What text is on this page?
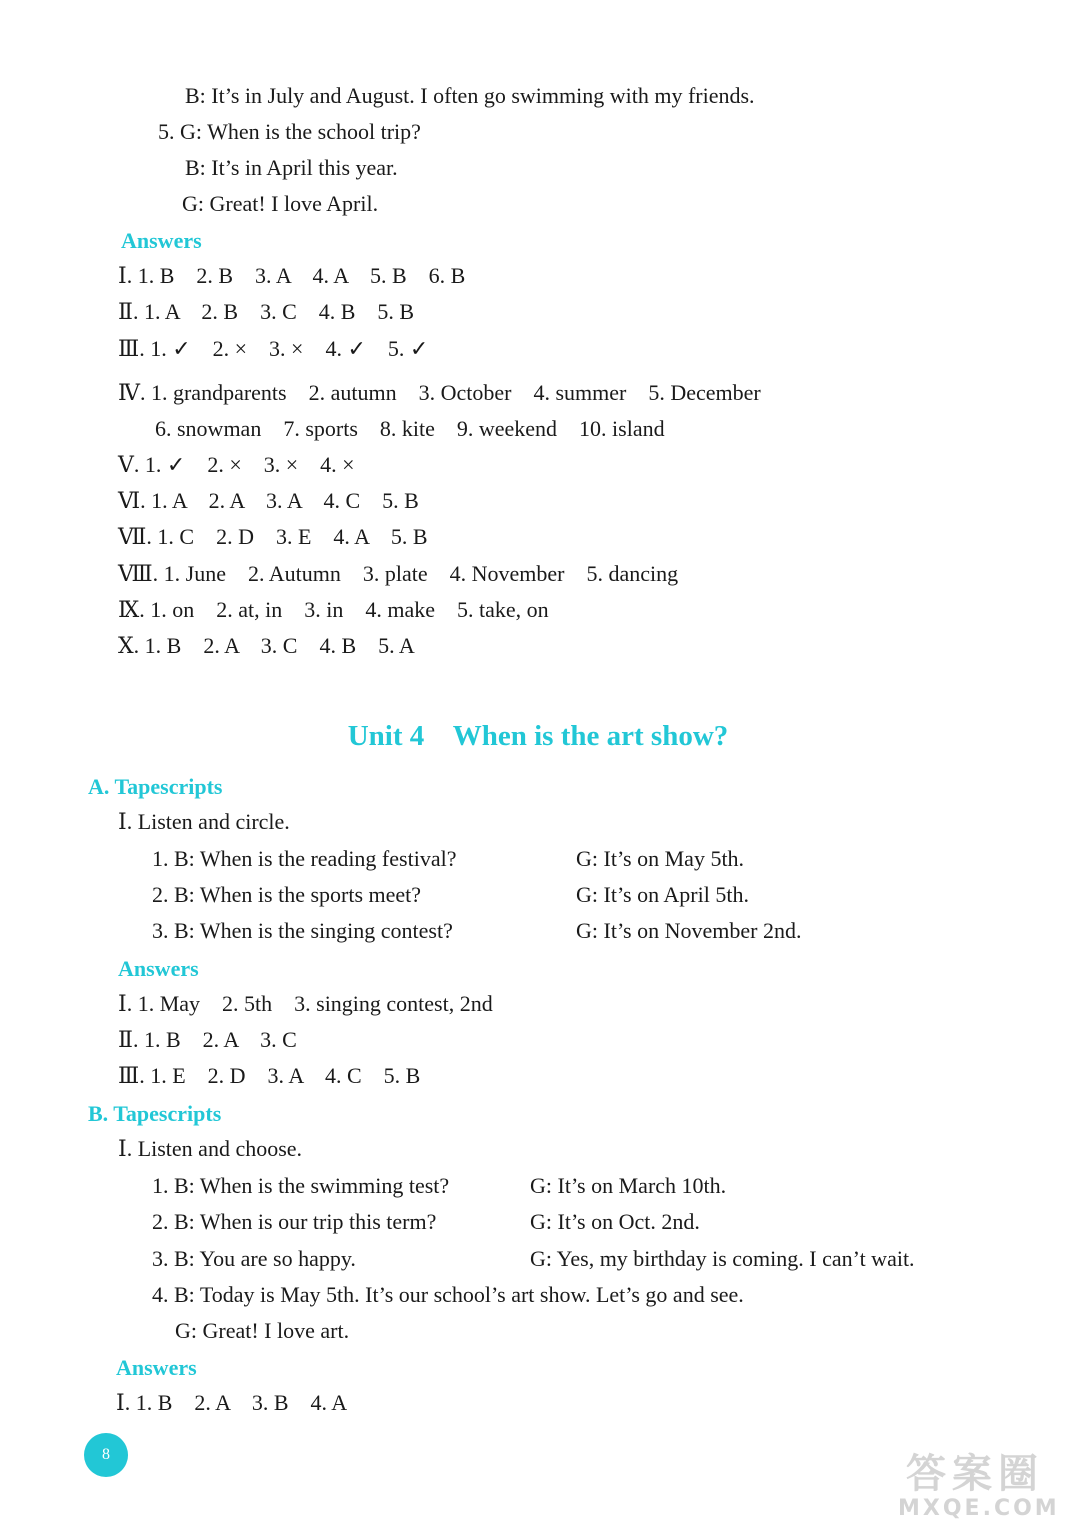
B: It’s in July and August. I often go swimming with my friends.
5. G: When is the school trip?
B: It’s in April this year.
G: Great! I love April.
Answers
Ⅰ. 1. B    2. B    3. A    4. A    5. B    6. B
Ⅱ. 1. A    2. B    3. C    4. B    5. B
Ⅲ. 1. ✓    2. ×    3. ×    4. ✓    5. ✓
Ⅳ. 1. grandparents    2. autumn    3. October    4. summer    5. December
6. snowman    7. sports    8. kite    9. weekend    10. island
Ⅴ. 1. ✓    2. ×    3. ×    4. ×
Ⅵ. 1. A    2. A    3. A    4. C    5. B
Ⅶ. 1. C    2. D    3. E    4. A    5. B
Ⅷ. 1. June    2. Autumn    3. plate    4. November    5. dancing
Ⅸ. 1. on    2. at, in    3. in    4. make    5. take, on
Ⅹ. 1. B    2. A    3. C    4. B    5. A
Unit 4    When is the art show?
A. Tapescripts
Ⅰ. Listen and circle.
1. B: When is the reading festival?	G: It’s on May 5th.
2. B: When is the sports meet?	G: It’s on April 5th.
3. B: When is the singing contest?	G: It’s on November 2nd.
Answers
Ⅰ. 1. May    2. 5th    3. singing contest, 2nd
Ⅱ. 1. B    2. A    3. C
Ⅲ. 1. E    2. D    3. A    4. C    5. B
B. Tapescripts
Ⅰ. Listen and choose.
1. B: When is the swimming test?	G: It’s on March 10th.
2. B: When is our trip this term?	G: It’s on Oct. 2nd.
3. B: You are so happy.	G: Yes, my birthday is coming. I can’t wait.
4. B: Today is May 5th. It’s our school’s art show. Let’s go and see.
G: Great! I love art.
Answers
Ⅰ. 1. B    2. A    3. B    4. A
8	答案圈
MXQE.COM
